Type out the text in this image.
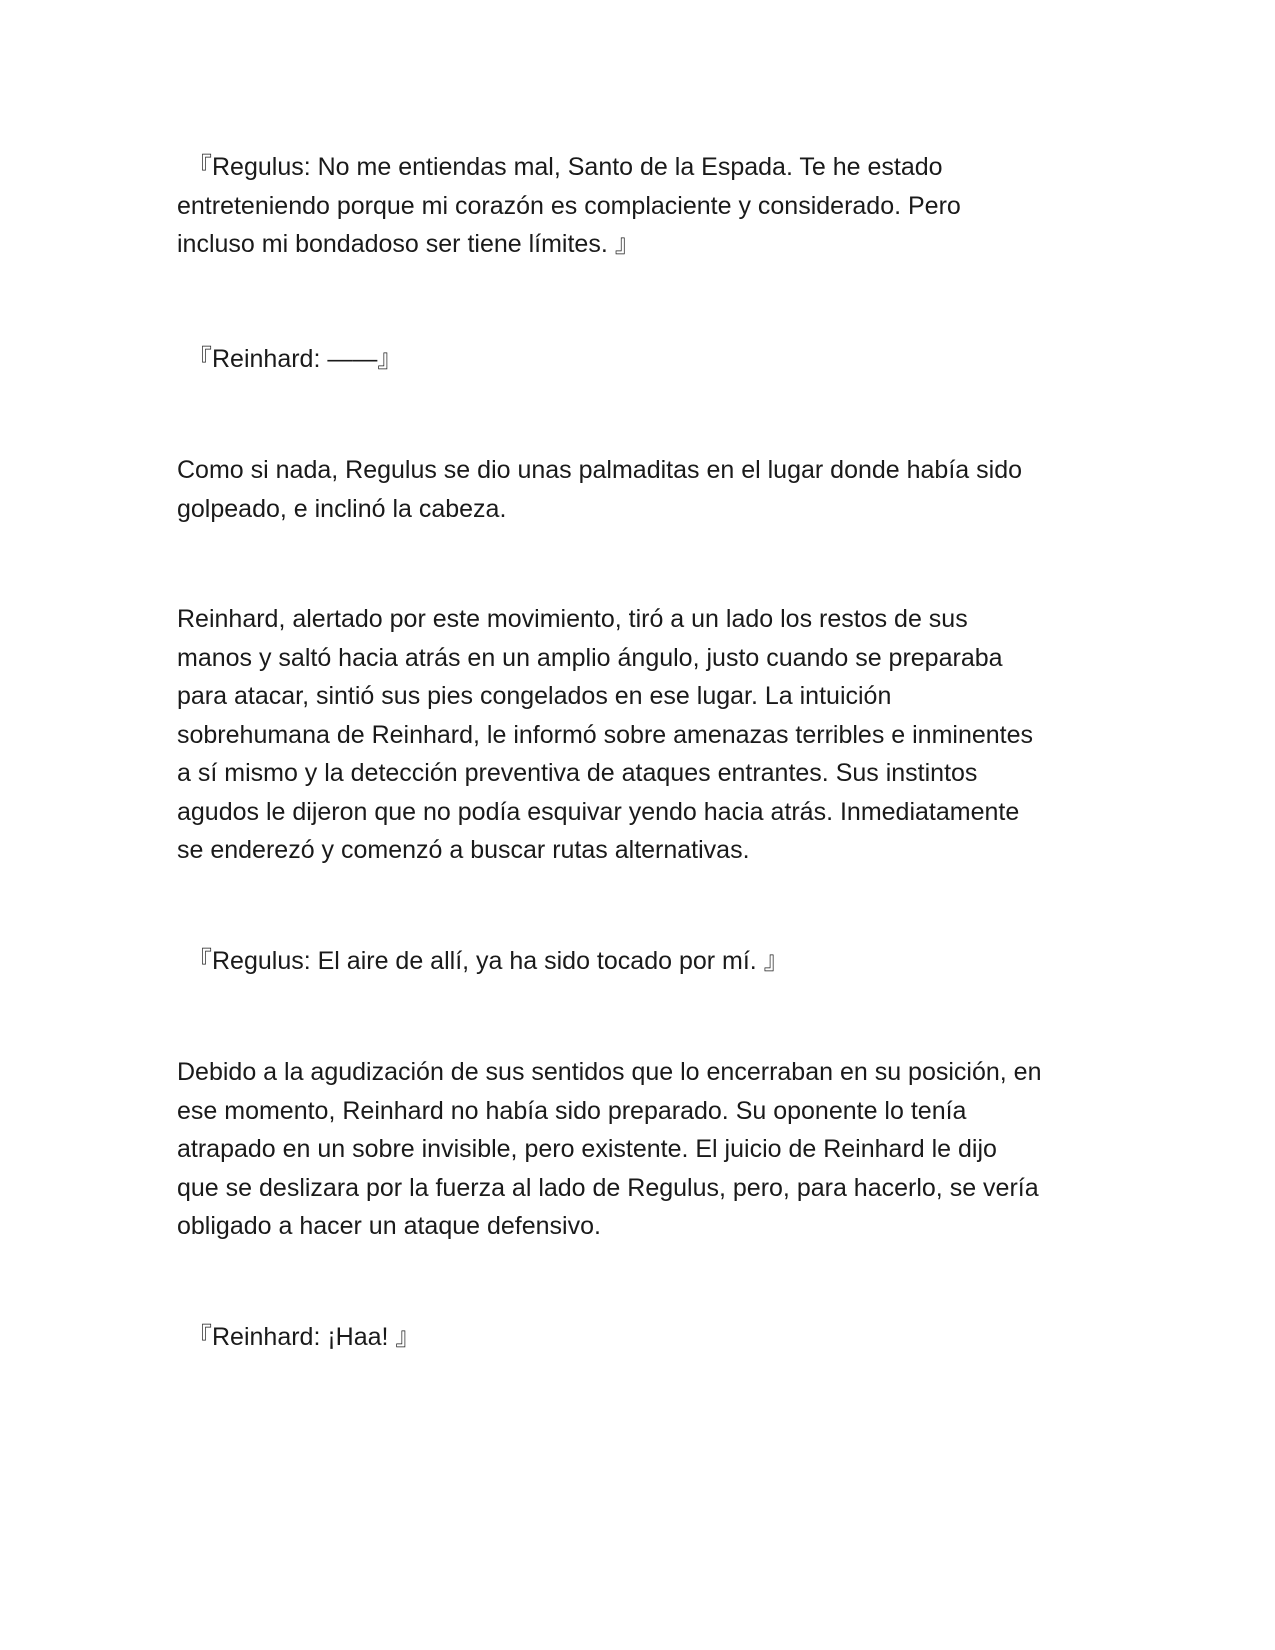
『Regulus: No me entiendas mal, Santo de la Espada. Te he estado
entreteniendo porque mi corazón es complaciente y considerado. Pero
incluso mi bondadoso ser tiene límites. 』
『Reinhard: ——』
Como si nada, Regulus se dio unas palmaditas en el lugar donde había sido
golpeado, e inclinó la cabeza.
Reinhard, alertado por este movimiento, tiró a un lado los restos de sus
manos y saltó hacia atrás en un amplio ángulo, justo cuando se preparaba
para atacar, sintió sus pies congelados en ese lugar. La intuición
sobrehumana de Reinhard, le informó sobre amenazas terribles e inminentes
a sí mismo y la detección preventiva de ataques entrantes. Sus instintos
agudos le dijeron que no podía esquivar yendo hacia atrás. Inmediatamente
se enderezó y comenzó a buscar rutas alternativas.
『Regulus: El aire de allí, ya ha sido tocado por mí. 』
Debido a la agudización de sus sentidos que lo encerraban en su posición, en
ese momento, Reinhard no había sido preparado. Su oponente lo tenía
atrapado en un sobre invisible, pero existente. El juicio de Reinhard le dijo
que se deslizara por la fuerza al lado de Regulus, pero, para hacerlo, se vería
obligado a hacer un ataque defensivo.
『Reinhard: ¡Haa! 』
